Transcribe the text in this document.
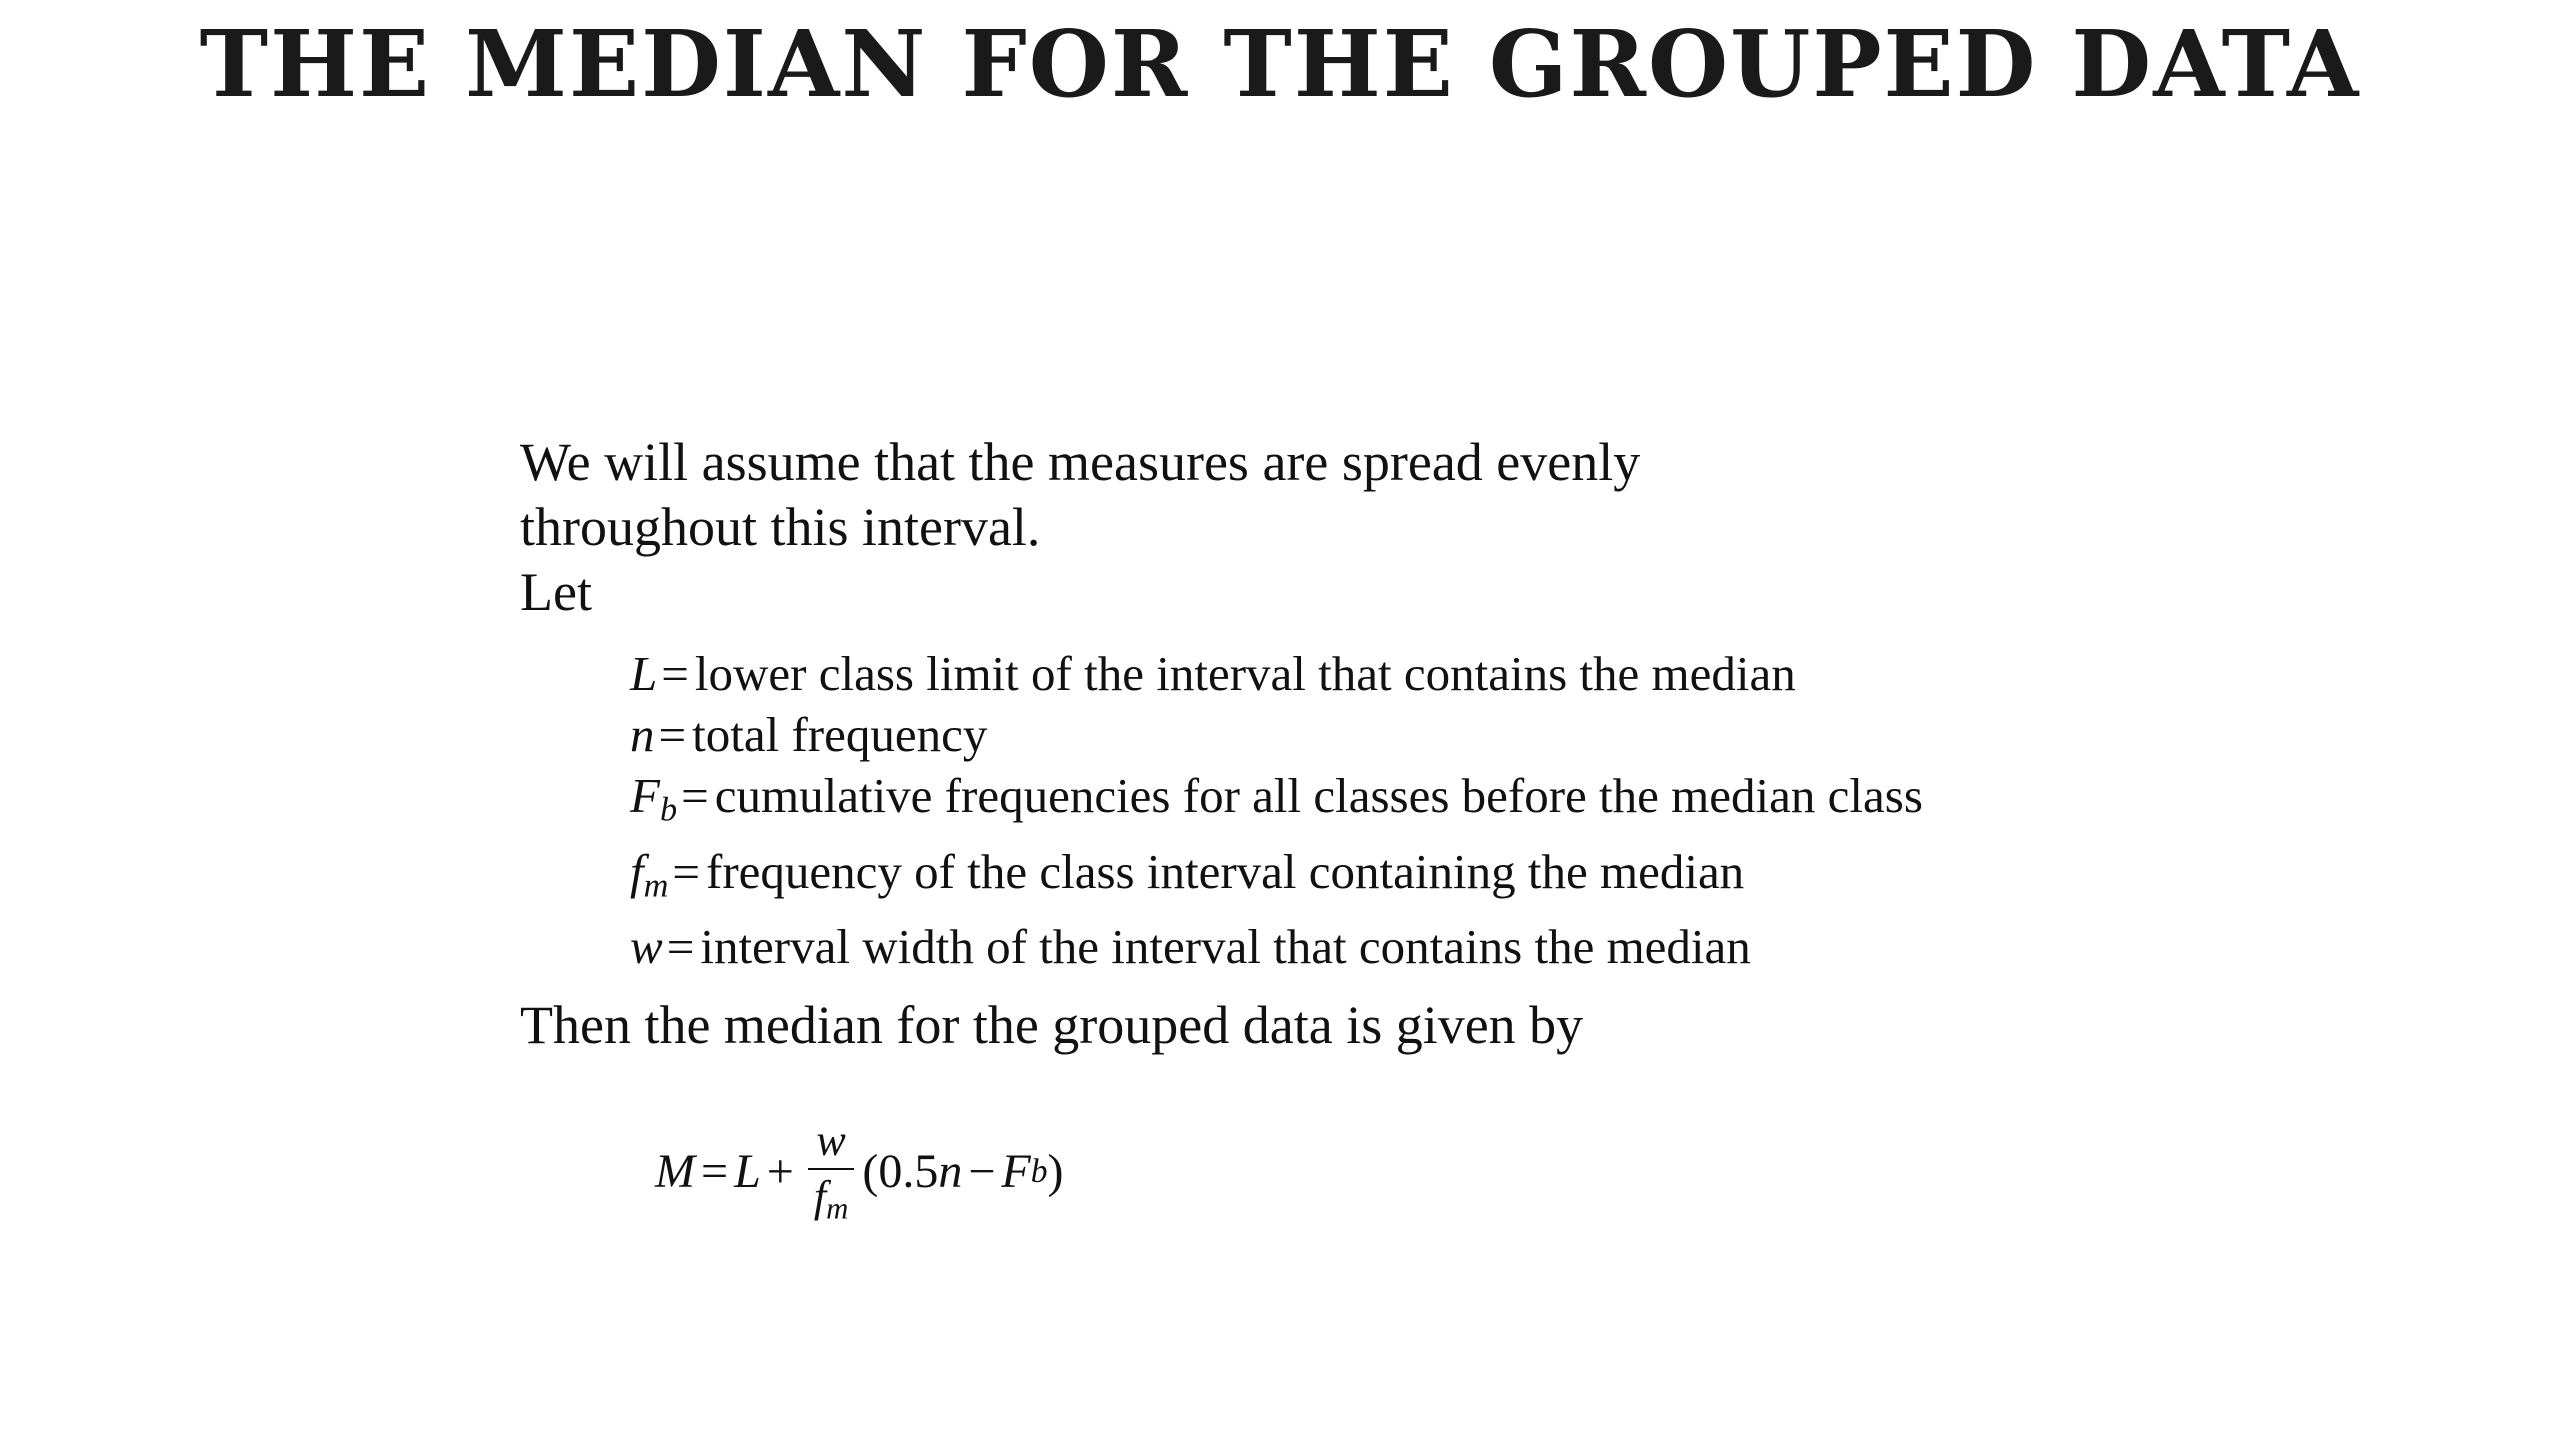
THE MEDIAN FOR THE GROUPED DATA
We will assume that the measures are spread evenly
throughout this interval.
Let
L= lower class limit of the interval that contains the median
n= total frequency
$F_b=$ cumulative frequencies for all classes before the median class
$f_m=$ frequency of the class interval containing the median
w= interval width of the interval that contains the median
Then the median for the grouped data is given by
$M = L + \frac{w}{f_m} (0.5$ n − F b )
